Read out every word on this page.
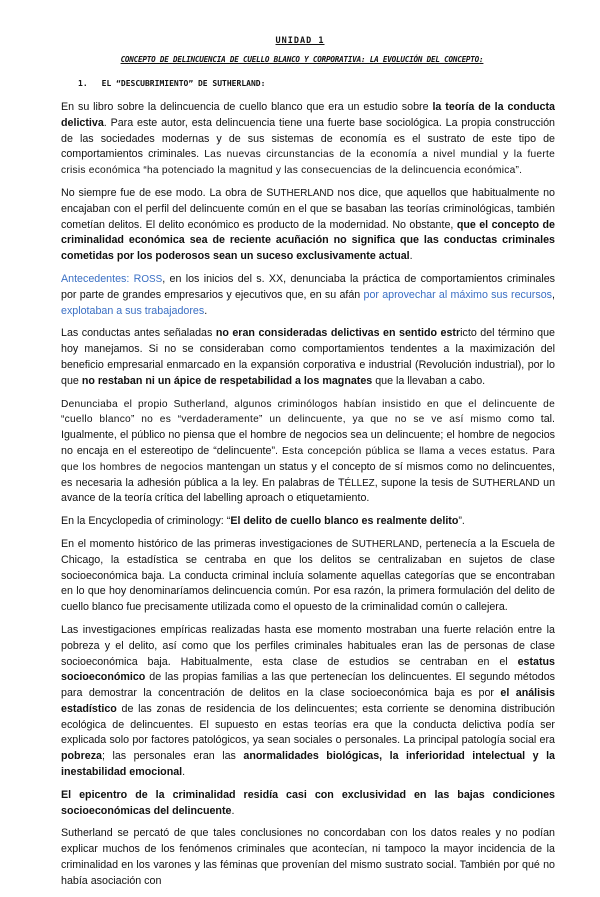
UNIDAD 1
CONCEPTO DE DELINCUENCIA DE CUELLO BLANCO Y CORPORATIVA: LA EVOLUCIÓN DEL CONCEPTO:
1. EL “DESCUBRIMIENTO” DE SUTHERLAND:

En su libro sobre la delincuencia de cuello blanco que era un estudio sobre la teoría de la conducta delictiva. Para este autor, esta delincuencia tiene una fuerte base sociológica. La propia construcción de las sociedades modernas y de sus sistemas de economía es el sustrato de este tipo de comportamientos criminales. Las nuevas circunstancias de la economía a nivel mundial y la fuerte crisis económica “ha potenciado la magnitud y las consecuencias de la delincuencia económica”.

No siempre fue de ese modo. La obra de SUTHERLAND nos dice, que aquellos que habitualmente no encajaban con el perfil del delincuente común en el que se basaban las teorías criminológicas, también cometían delitos. El delito económico es producto de la modernidad. No obstante, que el concepto de criminalidad económica sea de reciente acuñación no significa que las conductas criminales cometidas por los poderosos sean un suceso exclusivamente actual.

Antecedentes: ROSS, en los inicios del s. XX, denunciaba la práctica de comportamientos criminales por parte de grandes empresarios y ejecutivos que, en su afán por aprovechar al máximo sus recursos, explotaban a sus trabajadores.

Las conductas antes señaladas no eran consideradas delictivas en sentido estricto del término que hoy manejamos. Si no se consideraban como comportamientos tendentes a la maximización del beneficio empresarial enmarcado en la expansión corporativa e industrial (Revolución industrial), por lo que no restaban ni un ápice de respetabilidad a los magnates que la llevaban a cabo.

Denunciaba el propio Sutherland, algunos criminólogos habían insistido en que el delincuente de “cuello blanco” no es “verdaderamente” un delincuente, ya que no se ve así mismo como tal. Igualmente, el público no piensa que el hombre de negocios sea un delincuente; el hombre de negocios no encaja en el estereotipo de “delincuente”. Esta concepción pública se llama a veces estatus. Para que los hombres de negocios mantengan un status y el concepto de sí mismos como no delincuentes, es necesaria la adhesión pública a la ley. En palabras de TÉLLEZ, supone la tesis de SUTHERLAND un avance de la teoría crítica del labelling aproach o etiquetamiento.

En la Encyclopedia of criminology: “El delito de cuello blanco es realmente delito”.

En el momento histórico de las primeras investigaciones de SUTHERLAND, pertenecía a la Escuela de Chicago, la estadística se centraba en que los delitos se centralizaban en sujetos de clase socioeconómica baja. La conducta criminal incluía solamente aquellas categorías que se encontraban en lo que hoy denominaríamos delincuencia común. Por esa razón, la primera formulación del delito de cuello blanco fue precisamente utilizada como el opuesto de la criminalidad común o callejera.

Las investigaciones empíricas realizadas hasta ese momento mostraban una fuerte relación entre la pobreza y el delito, así como que los perfiles criminales habituales eran las de personas de clase socioeconómica baja. Habitualmente, esta clase de estudios se centraban en el estatus socioeconómico de las propias familias a las que pertenecían los delincuentes. El segundo métodos para demostrar la concentración de delitos en la clase socioeconómica baja es por el análisis estadístico de las zonas de residencia de los delincuentes; esta corriente se denomina distribución ecológica de delincuentes. El supuesto en estas teorías era que la conducta delictiva podía ser explicada solo por factores patológicos, ya sean sociales o personales. La principal patología social era pobreza; las personales eran las anormalidades biológicas, la inferioridad intelectual y la inestabilidad emocional.

El epicentro de la criminalidad residía casi con exclusividad en las bajas condiciones socioeconómicas del delincuente.

Sutherland se percató de que tales conclusiones no concordaban con los datos reales y no podían explicar muchos de los fenómenos criminales que acontecían, ni tampoco la mayor incidencia de la criminalidad en los varones y las féminas que provenían del mismo sustrato social. También por qué no había asociación con
